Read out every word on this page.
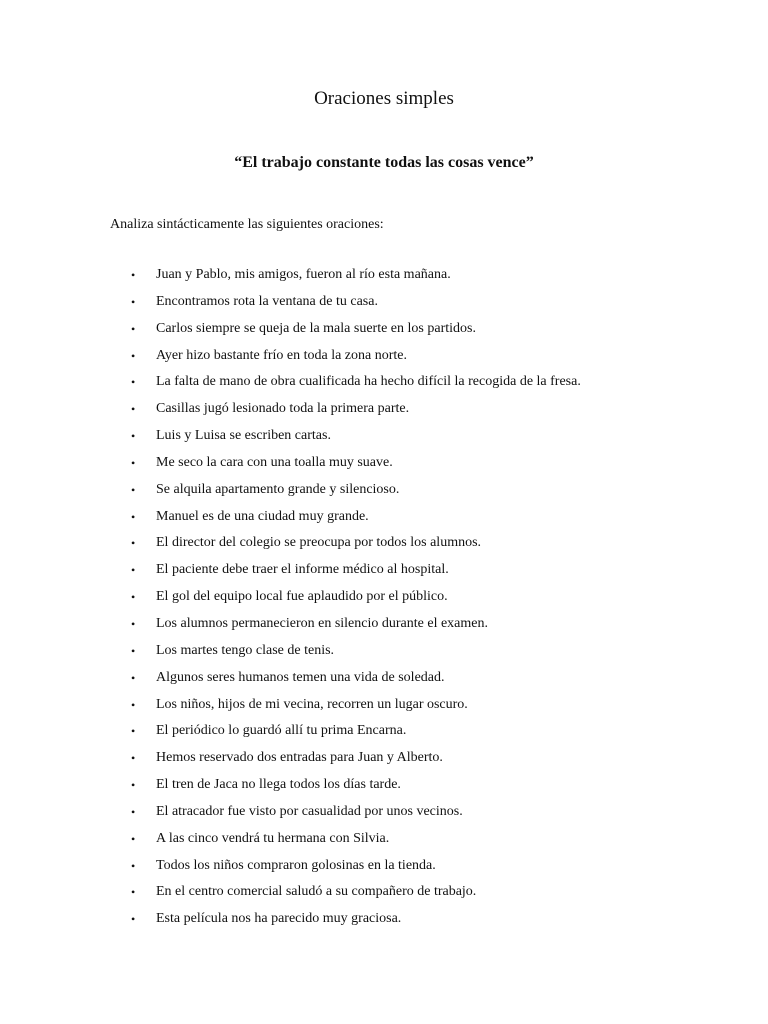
Oraciones simples

“El trabajo constante todas las cosas vence”

Analiza sintácticamente las siguientes oraciones:

• Juan y Pablo, mis amigos, fueron al río esta mañana.
• Encontramos rota la ventana de tu casa.
• Carlos siempre se queja de la mala suerte en los partidos.
• Ayer hizo bastante frío en toda la zona norte.
• La falta de mano de obra cualificada ha hecho difícil la recogida de la fresa.
• Casillas jugó lesionado toda la primera parte.
• Luis y Luisa se escriben cartas.
• Me seco la cara con una toalla muy suave.
• Se alquila apartamento grande y silencioso.
• Manuel es de una ciudad muy grande.
• El director del colegio se preocupa por todos los alumnos.
• El paciente debe traer el informe médico al hospital.
• El gol del equipo local fue aplaudido por el público.
• Los alumnos permanecieron en silencio durante el examen.
• Los martes tengo clase de tenis.
• Algunos seres humanos temen una vida de soledad.
• Los niños, hijos de mi vecina, recorren un lugar oscuro.
• El periódico lo guardó allí tu prima Encarna.
• Hemos reservado dos entradas para Juan y Alberto.
• El tren de Jaca no llega todos los días tarde.
• El atracador fue visto por casualidad por unos vecinos.
• A las cinco vendrá tu hermana con Silvia.
• Todos los niños compraron golosinas en la tienda.
• En el centro comercial saludó a su compañero de trabajo.
• Esta película nos ha parecido muy graciosa.
